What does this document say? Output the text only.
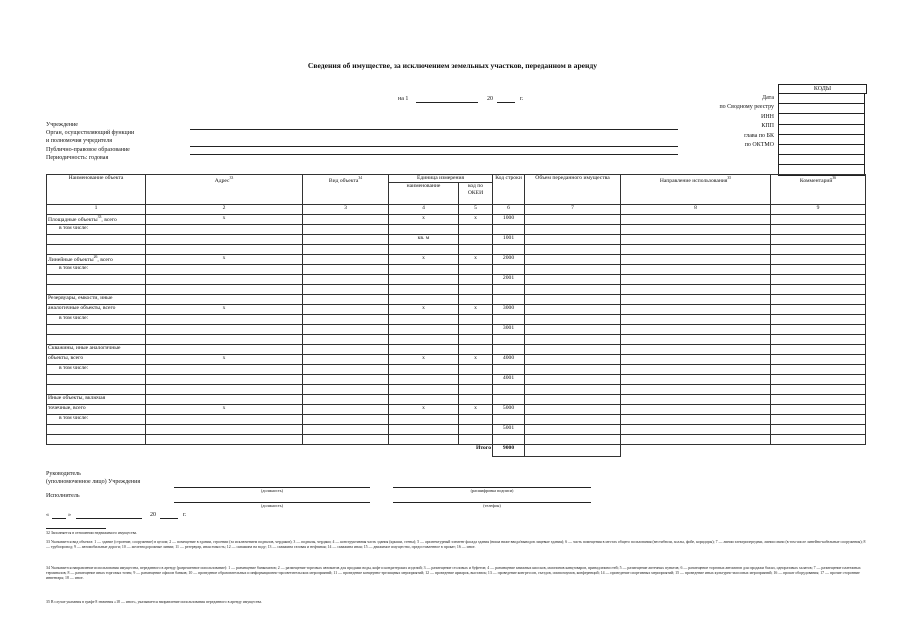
Сведения об имуществе, за исключением земельных участков, переданном в аренду
на 1	20	г.
КОДЫ

Дата
по Сводному реестру
ИНН
КПП
глава по БК
по ОКТМО
Учреждение
Орган, осуществляющий функции
и полномочия учредителя
Публично-правовое образование
Периодичность: годовая
Наименование объекта	Адрес$^{33}$	Вид объекта$^{34}$	Единица измерения		Код строки	Объем переданного имущества	Направление использования$^{35}$	Комментарий$^{36}$
			наименование	код по ОКЕИ				
1	2	3	4	5	6	7	8	9
Площадные объекты$^{33}$, всего	x		x	x	1000			
в том числе:								
			кв. м		1001			

Линейные объекты$^{26}$, всего	x		x	x	2000			
в том числе:								
					2001			

Резервуары, емкости, иные								
аналогичные объекты, всего	x		x	x	3000			
в том числе:								
					3001			

Скважины, иные аналогичные								
объекты, всего	x		x	x	4000			
в том числе:								
					4001			

Иные объекты, включая								
точечные, всего	x		x	x	5000			
в том числе:								
					5001			

Итого					9000			
Руководитель
(уполномоченное лицо) Учреждения
Исполнитель
(должность)	(расшифровка подписи)
(должность)	(телефон)
«	»	20	г.
32 Заполняется в отношении недвижимого имущества.
33 Указывается вид объекта: 1 — здание (строение, сооружение) в целом; 2 — помещение в здании, строении (за исключением подвалов, чердаков); 3 — подвалы, чердаки; 4 — конструктивная часть здания (крыши, стены); 5 — архитектурный элемент фасада здания (ниша ниже ввода/выводов лицевые здания); 6 — часть помещения в местах общего пользования (вестибюли, холлы, фойе, коридоры); 7 — линии электропередачи, линии связи (в том числе линейно-кабельные сооружения); 8 — трубопровод; 9 — автомобильные дороги; 10 — железнодорожные линии; 11 — резервуар, иная емкость; 12 — скважина на воду; 13 — скважина газовая и нефтяная; 14 — скважина иная; 15 — движимое имущество, предоставленное в прокат; 16 — иное.
34 Указывается направление использования имущества, переданного в аренду (разрешенное использование): 1 — размещение банкоматов; 2 — размещение торговых автоматов для продажи воды, кофе и кондитерских изделий; 3 — размещение столовых и буфетов; 4 — размещение книжных киосков, магазинов канцтоваров, принадлежностей; 5 — размещение аптечных пунктов; 6 — размещение торговых автоматов для продажи бахил, одноразовых халатов; 7 — размещение платежных терминалов; 8 — размещение иных торговых точек; 9 — размещение офисов банков; 10 — проведение образовательных и информационно-просветительских мероприятий; 11 — проведение концертно-зрелищных мероприятий; 12 — проведение ярмарок, выставок; 13 — проведение конгрессов, съездов, симпозиумов, конференций; 14 — проведение спортивных мероприятий; 15 — проведение иных культурно-массовых мероприятий; 16 — прокат оборудования; 17 — прочие сторонние инвентаря; 18 — иное.
35 В случае указания в графе 8 значения «18 — иное», указывается направление использования переданного в аренду имущества.
